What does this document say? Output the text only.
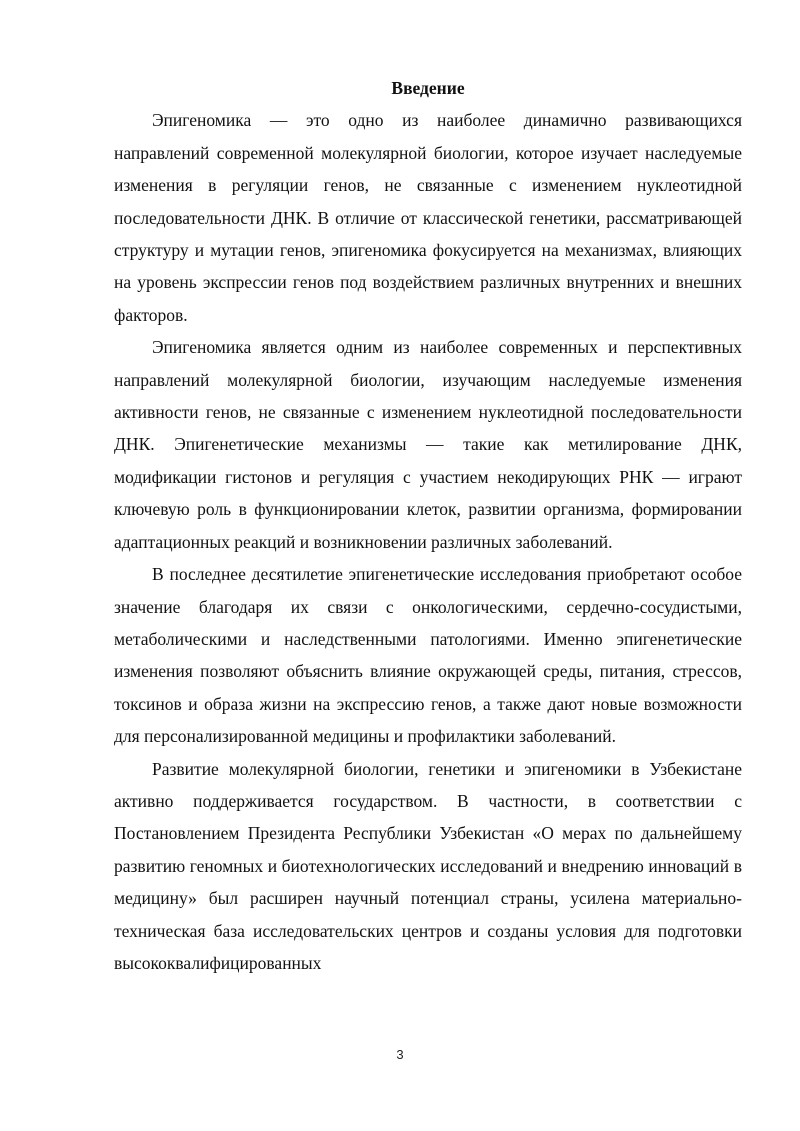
Введение

Эпигеномика — это одно из наиболее динамично развивающихся направлений современной молекулярной биологии, которое изучает наследуемые изменения в регуляции генов, не связанные с изменением нуклеотидной последовательности ДНК. В отличие от классической генетики, рассматривающей структуру и мутации генов, эпигеномика фокусируется на механизмах, влияющих на уровень экспрессии генов под воздействием различных внутренних и внешних факторов.

Эпигеномика является одним из наиболее современных и перспективных направлений молекулярной биологии, изучающим наследуемые изменения активности генов, не связанные с изменением нуклеотидной последовательности ДНК. Эпигенетические механизмы — такие как метилирование ДНК, модификации гистонов и регуляция с участием некодирующих РНК — играют ключевую роль в функционировании клеток, развитии организма, формировании адаптационных реакций и возникновении различных заболеваний.

В последнее десятилетие эпигенетические исследования приобретают особое значение благодаря их связи с онкологическими, сердечно-сосудистыми, метаболическими и наследственными патологиями. Именно эпигенетические изменения позволяют объяснить влияние окружающей среды, питания, стрессов, токсинов и образа жизни на экспрессию генов, а также дают новые возможности для персонализированной медицины и профилактики заболеваний.

Развитие молекулярной биологии, генетики и эпигеномики в Узбекистане активно поддерживается государством. В частности, в соответствии с Постановлением Президента Республики Узбекистан «О мерах по дальнейшему развитию геномных и биотехнологических исследований и внедрению инноваций в медицину» был расширен научный потенциал страны, усилена материально-техническая база исследовательских центров и созданы условия для подготовки высококвалифицированных

3
